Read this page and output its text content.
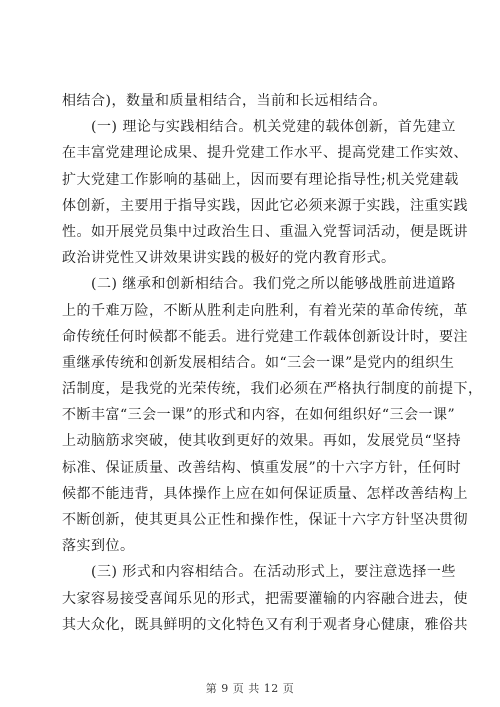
相结合)，数量和质量相结合，当前和长远相结合。
　　(一) 理论与实践相结合。机关党建的载体创新，首先建立
在丰富党建理论成果、提升党建工作水平、提高党建工作实效、
扩大党建工作影响的基础上，因而要有理论指导性;机关党建载
体创新，主要用于指导实践，因此它必须来源于实践，注重实践
性。如开展党员集中过政治生日、重温入党誓词活动，便是既讲
政治讲党性又讲效果讲实践的极好的党内教育形式。
　　(二) 继承和创新相结合。我们党之所以能够战胜前进道路
上的千难万险，不断从胜利走向胜利，有着光荣的革命传统，革
命传统任何时候都不能丢。进行党建工作载体创新设计时，要注
重继承传统和创新发展相结合。如“三会一课”是党内的组织生
活制度，是我党的光荣传统，我们必须在严格执行制度的前提下，
不断丰富“三会一课”的形式和内容，在如何组织好“三会一课”
上动脑筋求突破，使其收到更好的效果。再如，发展党员“坚持
标准、保证质量、改善结构、慎重发展”的十六字方针，任何时
候都不能违背，具体操作上应在如何保证质量、怎样改善结构上
不断创新，使其更具公正性和操作性，保证十六字方针坚决贯彻
落实到位。
　　(三) 形式和内容相结合。在活动形式上，要注意选择一些
大家容易接受喜闻乐见的形式，把需要灌输的内容融合进去，使
其大众化，既具鲜明的文化特色又有利于观者身心健康，雅俗共
第 9 页 共 12 页
